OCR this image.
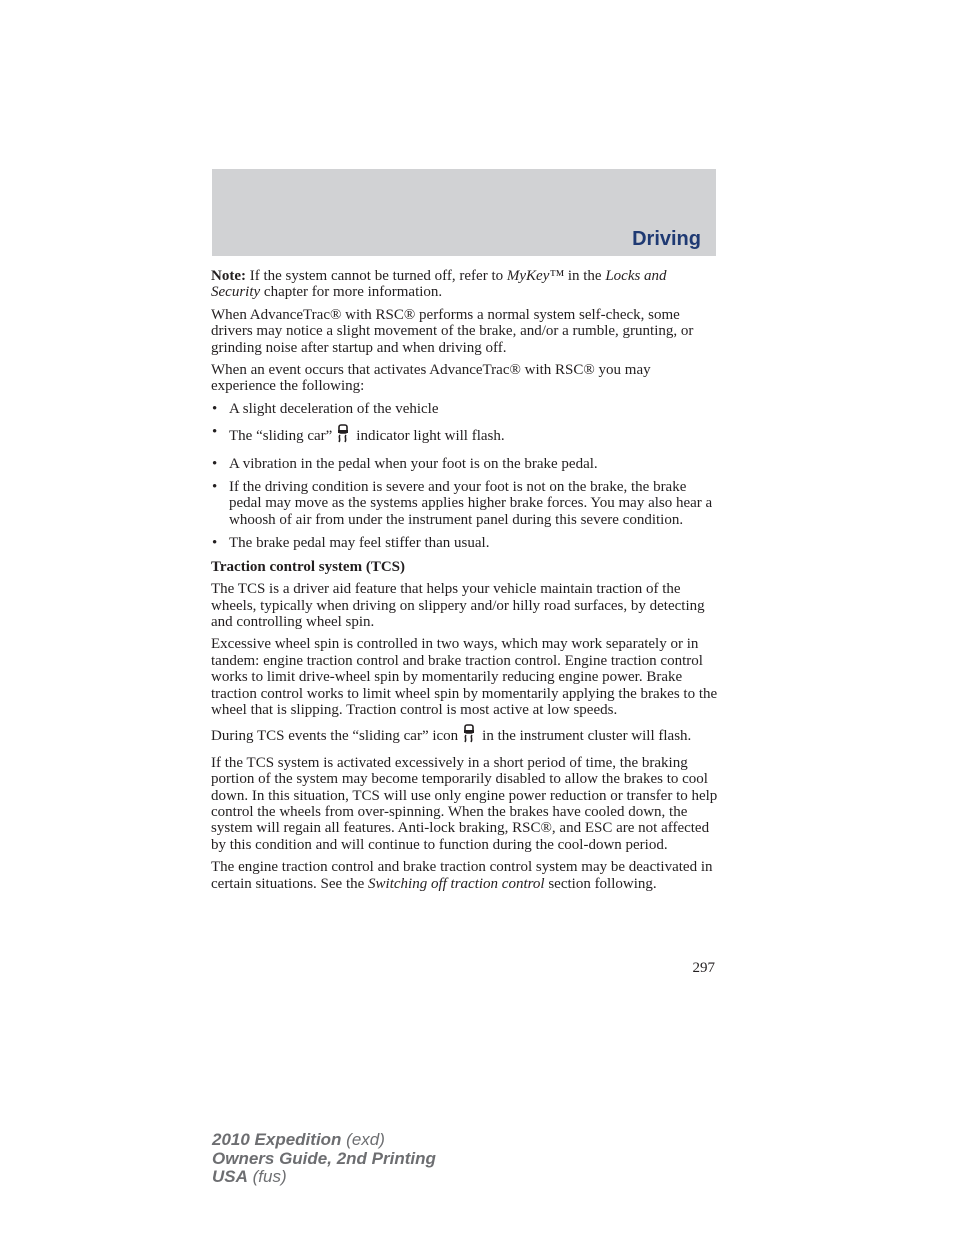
Driving

Note: If the system cannot be turned off, refer to MyKey™ in the Locks and Security chapter for more information.

When AdvanceTrac® with RSC® performs a normal system self-check, some drivers may notice a slight movement of the brake, and/or a rumble, grunting, or grinding noise after startup and when driving off.

When an event occurs that activates AdvanceTrac® with RSC® you may experience the following:

• A slight deceleration of the vehicle
• The “sliding car” indicator light will flash.
• A vibration in the pedal when your foot is on the brake pedal.
• If the driving condition is severe and your foot is not on the brake, the brake pedal may move as the systems applies higher brake forces. You may also hear a whoosh of air from under the instrument panel during this severe condition.
• The brake pedal may feel stiffer than usual.

Traction control system (TCS)

The TCS is a driver aid feature that helps your vehicle maintain traction of the wheels, typically when driving on slippery and/or hilly road surfaces, by detecting and controlling wheel spin.

Excessive wheel spin is controlled in two ways, which may work separately or in tandem: engine traction control and brake traction control. Engine traction control works to limit drive-wheel spin by momentarily reducing engine power. Brake traction control works to limit wheel spin by momentarily applying the brakes to the wheel that is slipping. Traction control is most active at low speeds.

During TCS events the “sliding car” icon in the instrument cluster will flash.

If the TCS system is activated excessively in a short period of time, the braking portion of the system may become temporarily disabled to allow the brakes to cool down. In this situation, TCS will use only engine power reduction or transfer to help control the wheels from over-spinning. When the brakes have cooled down, the system will regain all features. Anti-lock braking, RSC®, and ESC are not affected by this condition and will continue to function during the cool-down period.

The engine traction control and brake traction control system may be deactivated in certain situations. See the Switching off traction control section following.

297
2010 Expedition (exd)
Owners Guide, 2nd Printing
USA (fus)
